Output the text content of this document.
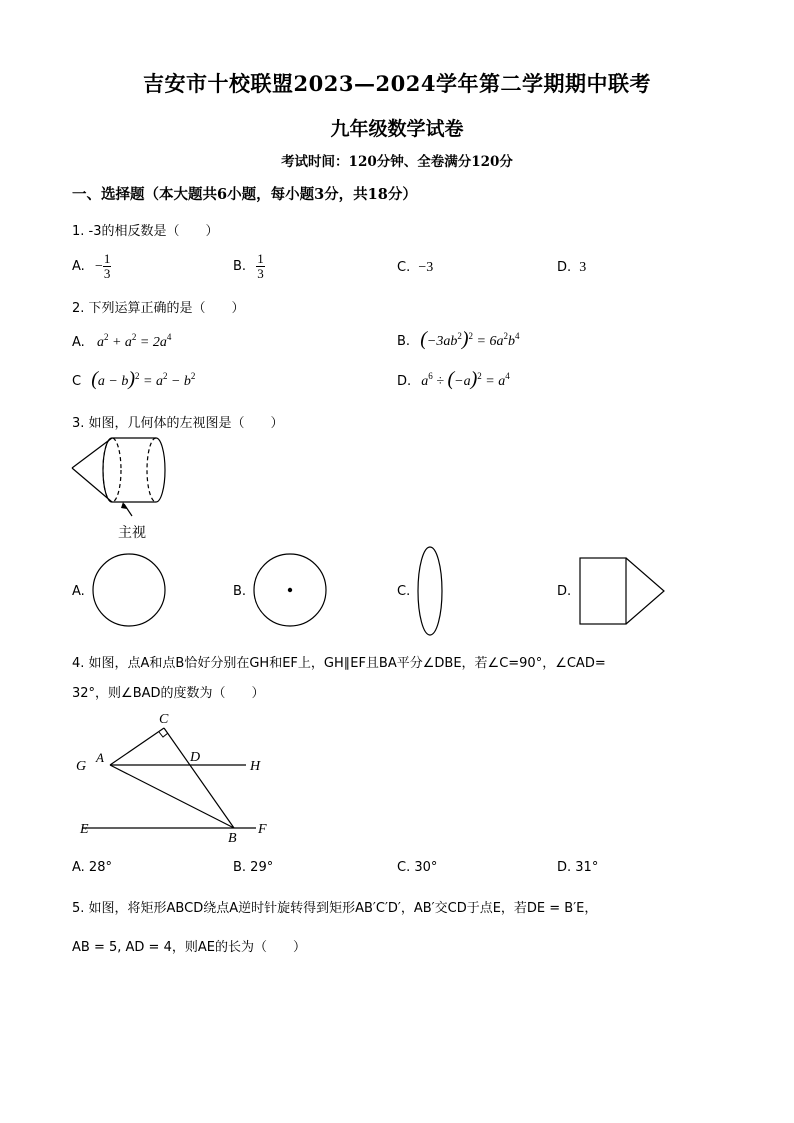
吉安市十校联盟2023—2024学年第二学期期中联考
九年级数学试卷
考试时间：120分钟、全卷满分120分
一、选择题（本大题共6小题，每小题3分，共18分）
1. -3的相反数是（　　）
A. − $\frac{1}{3}$	B. $\frac{1}{3}$	C. −3	D. 3
2. 下列运算正确的是（　　）
A. $a^2 + a^2 = 2a^4$	B. $(-3ab^2)^2 = 6a^2b^4$
C $(a - b)^2 = a^2 - b^2$	D. $a^6 \div (-a)^2 = a^4$
3. 如图，几何体的左视图是（　　）
主视
A.	B.	C.	D.
4. 如图，点A和点B恰好分别在GH和EF上，GH∥EF且BA平分∠DBE，若∠C=90°，∠CAD=
32°，则∠BAD的度数为（　　）
C
G
A	D
H
E
B
F
A. 28°	B. 29°	C. 30°	D. 31°
5. 如图，将矩形ABCD绕点A逆时针旋转得到矩形AB′C′D′，AB′交CD于点E，若DE = B′E，
AB = 5, AD = 4，则AE的长为（　　）
